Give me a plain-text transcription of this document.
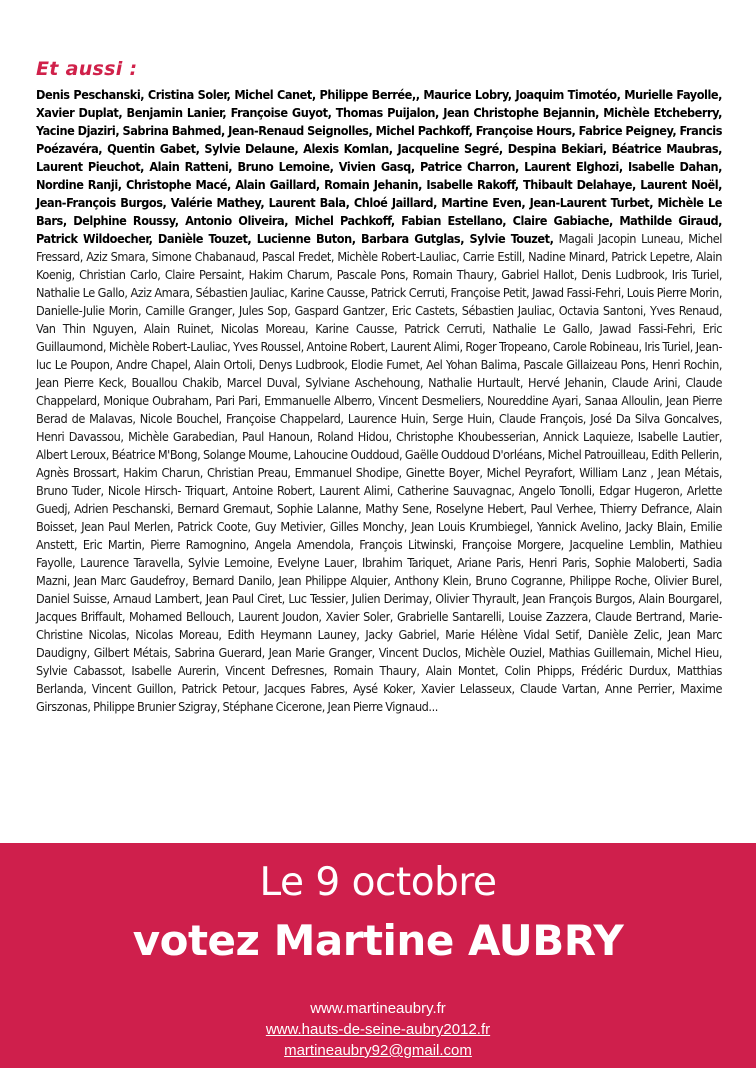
Et aussi :

Denis Peschanski, Cristina Soler, Michel Canet, Philippe Berrée,, Maurice Lobry, Joaquim Timotéo, Murielle Fayolle, Xavier Duplat, Benjamin Lanier, Françoise Guyot, Thomas Puijalon, Jean Christophe Bejannin, Michèle Etcheberry, Yacine Djaziri, Sabrina Bahmed, Jean-Renaud Seignolles, Michel Pachkoff, Françoise Hours, Fabrice Peigney, Francis Poézavéra, Quentin Gabet, Sylvie Delaune, Alexis Komlan, Jacqueline Segré, Despina Bekiari, Béatrice Maubras, Laurent Pieuchot, Alain Ratteni, Bruno Lemoine, Vivien Gasq, Patrice Charron, Laurent Elghozi, Isabelle Dahan, Nordine Ranji, Christophe Macé, Alain Gaillard, Romain Jehanin, Isabelle Rakoff, Thibault Delahaye, Laurent Noël, Jean-François Burgos, Valérie Mathey, Laurent Bala, Chloé Jaillard, Martine Even, Jean-Laurent Turbet, Michèle Le Bars, Delphine Roussy, Antonio Oliveira, Michel Pachkoff, Fabian Estellano, Claire Gabiache, Mathilde Giraud, Patrick Wildoecher, Danièle Touzet, Lucienne Buton, Barbara Gutglas, Sylvie Touzet, Magali Jacopin Luneau, Michel Fressard, Aziz Smara, Simone Chabanaud, Pascal Fredet, Michèle Robert-Lauliac, Carrie Estill, Nadine Minard, Patrick Lepetre, Alain Koenig, Christian Carlo, Claire Persaint, Hakim Charum, Pascale Pons, Romain Thaury, Gabriel Hallot, Denis Ludbrook, Iris Turiel, Nathalie Le Gallo, Aziz Amara, Sébastien Jauliac, Karine Causse, Patrick Cerruti, Françoise Petit, Jawad Fassi-Fehri, Louis Pierre Morin, Danielle-Julie Morin, Camille Granger, Jules Sop, Gaspard Gantzer, Eric Castets, Sébastien Jauliac, Octavia Santoni, Yves Renaud, Van Thin Nguyen, Alain Ruinet, Nicolas Moreau, Karine Causse, Patrick Cerruti, Nathalie Le Gallo, Jawad Fassi-Fehri, Eric Guillaumond, Michèle Robert-Lauliac, Yves Roussel, Antoine Robert, Laurent Alimi, Roger Tropeano, Carole Robineau, Iris Turiel, Jean-luc Le Poupon, Andre Chapel, Alain Ortoli, Denys Ludbrook, Elodie Fumet, Ael Yohan Balima, Pascale Gillaizeau Pons, Henri Rochin, Jean Pierre Keck, Bouallou Chakib, Marcel Duval, Sylviane Aschehoung, Nathalie Hurtault, Hervé Jehanin, Claude Arini, Claude Chappelard, Monique Oubraham, Pari Pari, Emmanuelle Alberro, Vincent Desmeliers, Noureddine Ayari, Sanaa Alloulin, Jean Pierre Berad de Malavas, Nicole Bouchel, Françoise Chappelard, Laurence Huin, Serge Huin, Claude François, José Da Silva Goncalves, Henri Davassou, Michèle Garabedian, Paul Hanoun, Roland Hidou, Christophe Khoubesserian, Annick Laquieze, Isabelle Lautier, Albert Leroux, Béatrice M'Bong, Solange Moume, Lahoucine Ouddoud, Gaëlle Ouddoud D'orléans, Michel Patrouilleau, Edith Pellerin, Agnès Brossart, Hakim Charun, Christian Preau, Emmanuel Shodipe, Ginette Boyer, Michel Peyrafort, William Lanz , Jean Métais, Bruno Tuder, Nicole Hirsch- Triquart, Antoine Robert, Laurent Alimi, Catherine Sauvagnac, Angelo Tonolli, Edgar Hugeron, Arlette Guedj, Adrien Peschanski, Bernard Gremaut, Sophie Lalanne, Mathy Sene, Roselyne Hebert, Paul Verhee, Thierry Defrance, Alain Boisset, Jean Paul Merlen, Patrick Coote, Guy Metivier, Gilles Monchy, Jean Louis Krumbiegel, Yannick Avelino, Jacky Blain, Emilie Anstett, Eric Martin, Pierre Ramognino, Angela Amendola, François Litwinski, Françoise Morgere, Jacqueline Lemblin, Mathieu Fayolle, Laurence Taravella, Sylvie Lemoine, Evelyne Lauer, Ibrahim Tariquet, Ariane Paris, Henri Paris, Sophie Maloberti, Sadia Mazni, Jean Marc Gaudefroy, Bernard Danilo, Jean Philippe Alquier, Anthony Klein, Bruno Cogranne, Philippe Roche, Olivier Burel, Daniel Suisse, Arnaud Lambert, Jean Paul Ciret, Luc Tessier, Julien Derimay, Olivier Thyrault, Jean François Burgos, Alain Bourgarel, Jacques Briffault, Mohamed Bellouch, Laurent Joudon, Xavier Soler, Grabrielle Santarelli, Louise Zazzera, Claude Bertrand, Marie-Christine Nicolas, Nicolas Moreau, Edith Heymann Launey, Jacky Gabriel, Marie Hélène Vidal Setif, Danièle Zelic, Jean Marc Daudigny, Gilbert Métais, Sabrina Guerard, Jean Marie Granger, Vincent Duclos, Michèle Ouziel, Mathias Guillemain, Michel Hieu, Sylvie Cabassot, Isabelle Aurerin, Vincent Defresnes, Romain Thaury, Alain Montet, Colin Phipps, Frédéric Durdux, Matthias Berlanda, Vincent Guillon, Patrick Petour, Jacques Fabres, Aysé Koker, Xavier Lelasseux, Claude Vartan, Anne Perrier, Maxime Girszonas, Philippe Brunier Szigray, Stéphane Cicerone, Jean Pierre Vignaud...

Le 9 octobre
votez Martine AUBRY
www.martineaubry.fr
www.hauts-de-seine-aubry2012.fr
martineaubry92@gmail.com
